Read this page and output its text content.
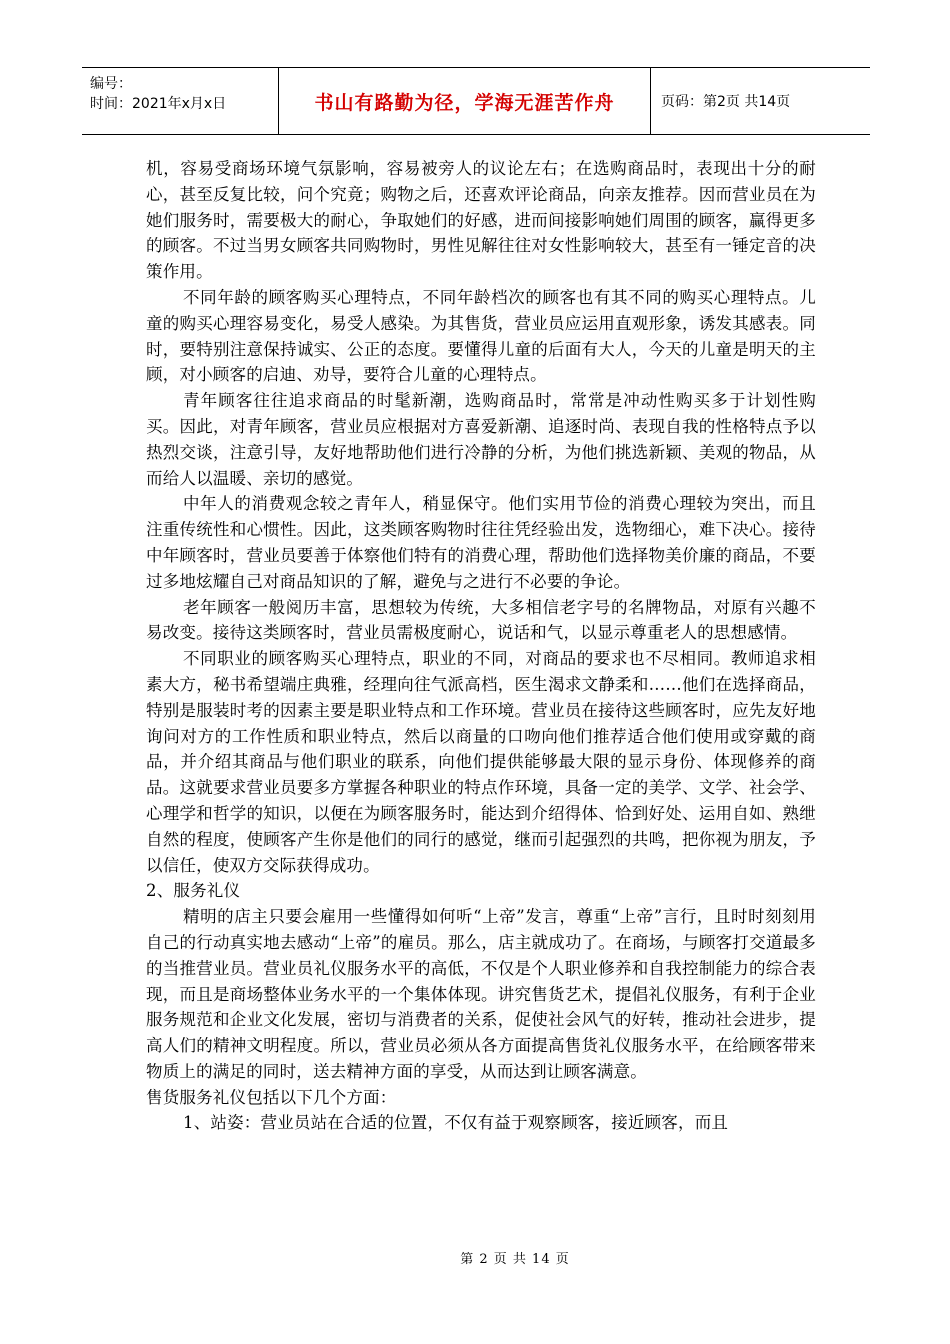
编号：
时间：2021年x月x日	书山有路勤为径，学海无涯苦作舟	页码：第2页 共14页

机，容易受商场环境气氛影响，容易被旁人的议论左右；在选购商品时，表现出十分的耐心，甚至反复比较，问个究竟；购物之后，还喜欢评论商品，向亲友推荐。因而营业员在为她们服务时，需要极大的耐心，争取她们的好感，进而间接影响她们周围的顾客，赢得更多的顾客。不过当男女顾客共同购物时，男性见解往往对女性影响较大，甚至有一锤定音的决策作用。

不同年龄的顾客购买心理特点，不同年龄档次的顾客也有其不同的购买心理特点。儿童的购买心理容易变化，易受人感染。为其售货，营业员应运用直观形象，诱发其感表。同时，要特别注意保持诚实、公正的态度。要懂得儿童的后面有大人，今天的儿童是明天的主顾，对小顾客的启迪、劝导，要符合儿童的心理特点。

青年顾客往往追求商品的时髦新潮，选购商品时，常常是冲动性购买多于计划性购买。因此，对青年顾客，营业员应根据对方喜爱新潮、追逐时尚、表现自我的性格特点予以热烈交谈，注意引导，友好地帮助他们进行冷静的分析，为他们挑选新颖、美观的物品，从而给人以温暖、亲切的感觉。

中年人的消费观念较之青年人，稍显保守。他们实用节俭的消费心理较为突出，而且注重传统性和心惯性。因此，这类顾客购物时往往凭经验出发，选物细心，难下决心。接待中年顾客时，营业员要善于体察他们特有的消费心理，帮助他们选择物美价廉的商品，不要过多地炫耀自己对商品知识的了解，避免与之进行不必要的争论。

老年顾客一般阅历丰富，思想较为传统，大多相信老字号的名牌物品，对原有兴趣不易改变。接待这类顾客时，营业员需极度耐心，说话和气，以显示尊重老人的思想感情。

不同职业的顾客购买心理特点，职业的不同，对商品的要求也不尽相同。教师追求相素大方，秘书希望端庄典雅，经理向往气派高档，医生渴求文静柔和……他们在选择商品，特别是服装时考的因素主要是职业特点和工作环境。营业员在接待这些顾客时，应先友好地询问对方的工作性质和职业特点，然后以商量的口吻向他们推荐适合他们使用或穿戴的商品，并介绍其商品与他们职业的联系，向他们提供能够最大限的显示身份、体现修养的商品。这就要求营业员要多方掌握各种职业的特点作环境，具备一定的美学、文学、社会学、心理学和哲学的知识，以便在为顾客服务时，能达到介绍得体、恰到好处、运用自如、熟绁自然的程度，使顾客产生你是他们的同行的感觉，继而引起强烈的共鸣，把你视为朋友，予以信任，使双方交际获得成功。

2、服务礼仪

精明的店主只要会雇用一些懂得如何听“上帝”发言，尊重“上帝”言行，且时时刻刻用自己的行动真实地去感动“上帝”的雇员。那么，店主就成功了。在商场，与顾客打交道最多的当推营业员。营业员礼仪服务水平的高低，不仅是个人职业修养和自我控制能力的综合表现，而且是商场整体业务水平的一个集体体现。讲究售货艺术，提倡礼仪服务，有利于企业服务规范和企业文化发展，密切与消费者的关系，促使社会风气的好转，推动社会进步，提高人们的精神文明程度。所以，营业员必须从各方面提高售货礼仪服务水平，在给顾客带来物质上的满足的同时，送去精神方面的享受，从而达到让顾客满意。

售货服务礼仪包括以下几个方面：

1、站姿：营业员站在合适的位置，不仅有益于观察顾客，接近顾客，而且

第 2 页 共 14 页
